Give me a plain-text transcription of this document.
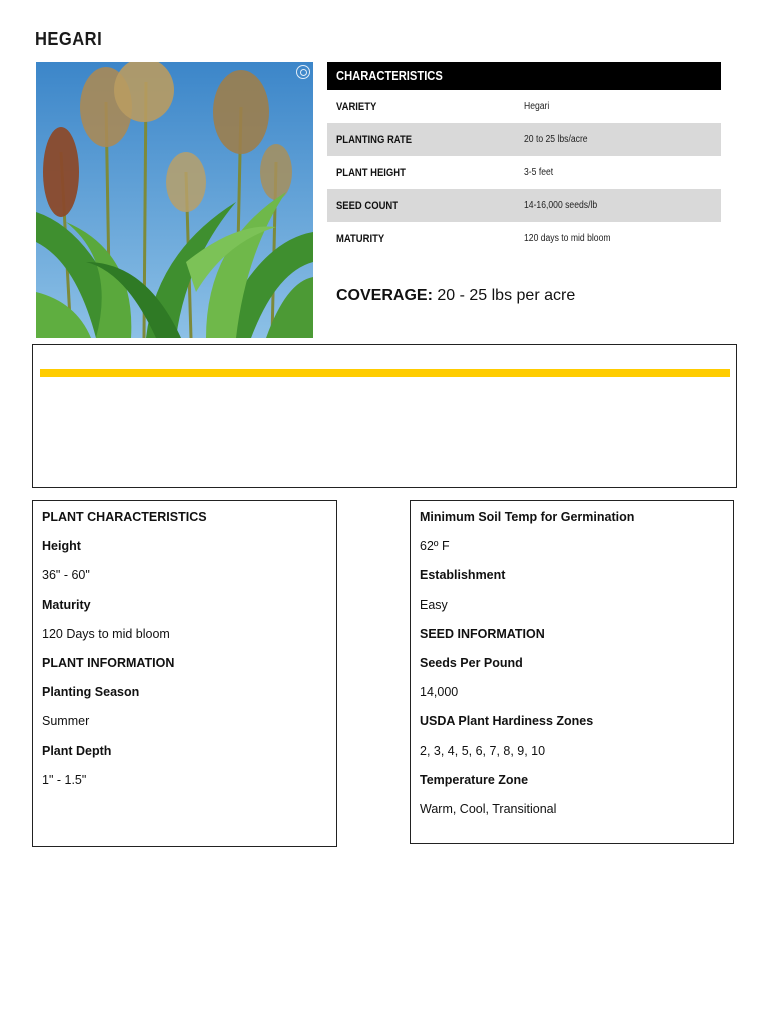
HEGARI
CHARACTERISTICS
VARIETY	Hegari
PLANTING RATE	20 to 25 lbs/acre
PLANT HEIGHT	3-5 feet
SEED COUNT	14-16,000 seeds/lb
MATURITY	120 days to mid bloom
COVERAGE: 20 - 25 lbs per acre
PLANT CHARACTERISTICS
Height
36" - 60"
Maturity
120 Days to mid bloom
PLANT INFORMATION
Planting Season
Summer
Plant Depth
1" - 1.5"
Minimum Soil Temp for Germination
62º F
Establishment
Easy
SEED INFORMATION
Seeds Per Pound
14,000
USDA Plant Hardiness Zones
2, 3, 4, 5, 6, 7, 8, 9, 10
Temperature Zone
Warm, Cool, Transitional
